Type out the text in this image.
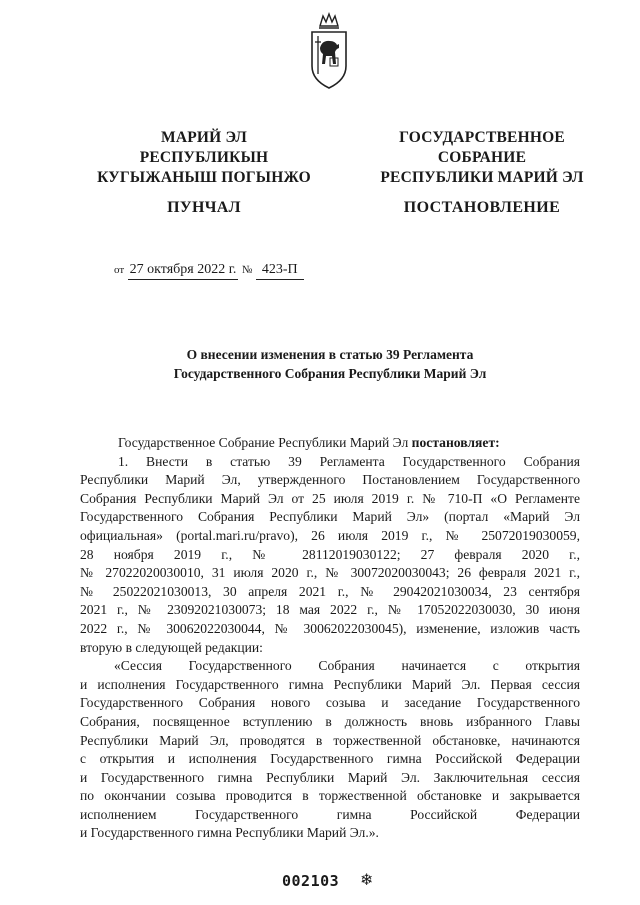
МАРИЙ ЭЛ
РЕСПУБЛИКЫН
КУГЫЖАНЫШ ПОГЫНЖО
ГОСУДАРСТВЕННОЕ
СОБРАНИЕ
РЕСПУБЛИКИ МАРИЙ ЭЛ
ПУНЧАЛ	ПОСТАНОВЛЕНИЕ
от 27 октября 2022 г. № 423-П
О внесении изменения в статью 39 Регламента
Государственного Собрания Республики Марий Эл
Государственное Собрание Республики Марий Эл постановляет:
1. Внести в статью 39 Регламента Государственного Собрания
Республики Марий Эл, утвержденного Постановлением Государственного
Собрания Республики Марий Эл от 25 июля 2019 г. № 710-П «О Регламенте
Государственного Собрания Республики Марий Эл» (портал «Марий Эл
официальная» (portal.mari.ru/pravo), 26 июля 2019 г., № 25072019030059,
28 ноября 2019 г., № 28112019030122; 27 февраля 2020 г.,
№ 27022020030010, 31 июля 2020 г., № 30072020030043; 26 февраля 2021 г.,
№ 25022021030013, 30 апреля 2021 г., № 29042021030034, 23 сентября
2021 г., № 23092021030073; 18 мая 2022 г., № 17052022030030, 30 июня
2022 г., № 30062022030044, № 30062022030045), изменение, изложив часть
вторую в следующей редакции:
«Сессия Государственного Собрания начинается с открытия
и исполнения Государственного гимна Республики Марий Эл. Первая сессия
Государственного Собрания нового созыва и заседание Государственного
Собрания, посвященное вступлению в должность вновь избранного Главы
Республики Марий Эл, проводятся в торжественной обстановке, начинаются
с открытия и исполнения Государственного гимна Российской Федерации
и Государственного гимна Республики Марий Эл. Заключительная сессия
по окончании созыва проводится в торжественной обстановке и закрывается
исполнением Государственного гимна Российской Федерации
и Государственного гимна Республики Марий Эл.».
002103 ❄
